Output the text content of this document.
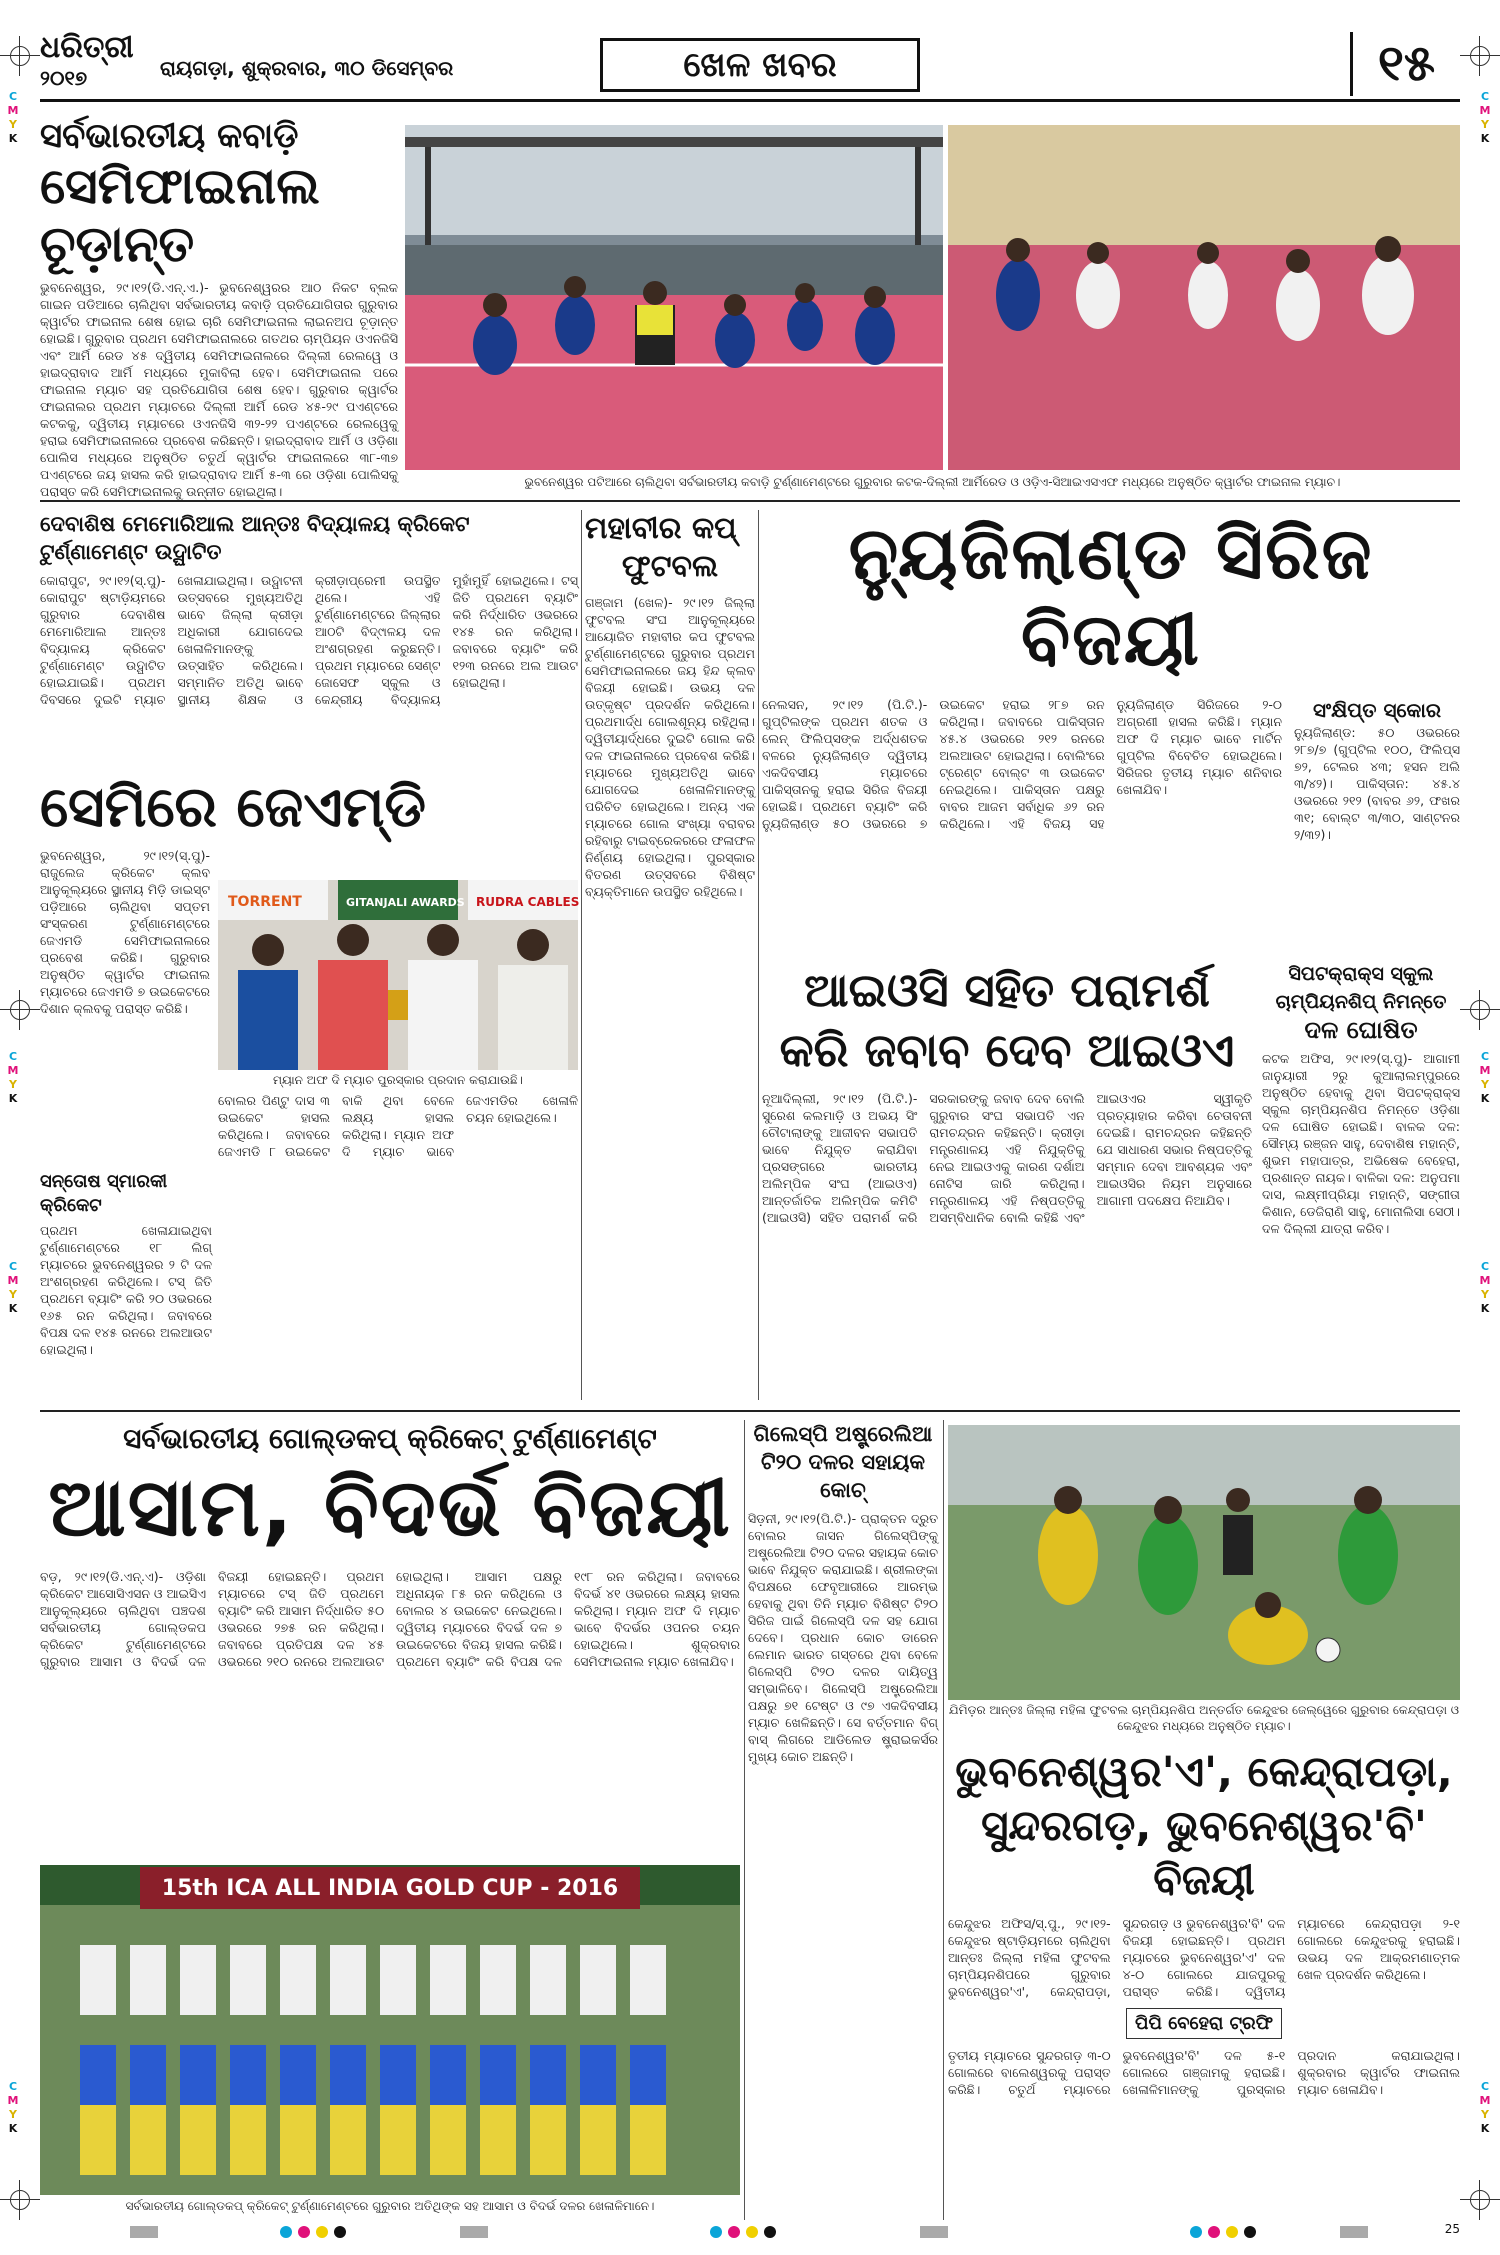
C
M
Y
K
C
M
Y
K
C
M
Y
K
C
M
Y
K
C
M
Y
K
C
M
Y
K
C
M
Y
K
C
M
Y
K
ଧରିତ୍ରୀ
୨୦୧୭	ରାୟଗଡ଼ା, ଶୁକ୍ରବାର, ୩୦ ଡିସେମ୍ବର	ଖେଳ ଖବର	୧୫
ସର୍ବଭାରତୀୟ କବାଡ଼ି
ସେମିଫାଇନାଲ ଚୂଡ଼ାନ୍ତ
ଭୁବନେଶ୍ୱର, ୨୯।୧୨(ଡି.ଏନ୍.ଏ.)- ଭୁବନେଶ୍ୱରର ଆଠ ନିକଟ ବ୍ଲକ ଗାଇନ ପଡିଆରେ ଚାଲିଥିବା ସର୍ବଭାରତୀୟ କବାଡ଼ି ପ୍ରତିଯୋଗିତାର ଗୁରୁବାର କ୍ୱାର୍ଟର ଫାଇନାଲ ଶେଷ ହୋଇ ଚାରି ସେମିଫାଇନାଲ ଲାଇନଅପ ଚୂଡ଼ାନ୍ତ ହୋଇଛି। ଗୁରୁବାର ପ୍ରଥମ ସେମିଫାଇନାଲରେ ଗତଥର ଚାମ୍ପିୟନ ଓଏନଜିସି ଏବଂ ଆର୍ମି ରେଡ ୪୫ ଦ୍ୱିତୀୟ ସେମିଫାଇନାଲରେ ଦିଲ୍ଲୀ ରେଲୱେ ଓ ହାଇଦ୍ରାବାଦ ଆର୍ମି ମଧ୍ୟରେ ମୁକାବିଲା ହେବ। ସେମିଫାଇନାଲ ପରେ ଫାଇନାଲ ମ୍ୟାଚ ସହ ପ୍ରତିଯୋଗିତା ଶେଷ ହେବ। ଗୁରୁବାର କ୍ୱାର୍ଟର ଫାଇନାଲର ପ୍ରଥମ ମ୍ୟାଚରେ ଦିଲ୍ଲୀ ଆର୍ମି ରେଡ ୪୫-୨୯ ପଏଣ୍ଟରେ କଟକକୁ, ଦ୍ୱିତୀୟ ମ୍ୟାଚରେ ଓଏନଜିସି ୩୨-୨୨ ପଏଣ୍ଟରେ ରେଲୱେକୁ ହରାଇ ସେମିଫାଇନାଲରେ ପ୍ରବେଶ କରିଛନ୍ତି। ହାଇଦ୍ରାବାଦ ଆର୍ମି ଓ ଓଡ଼ିଶା ପୋଲିସ ମଧ୍ୟରେ ଅନୁଷ୍ଠିତ ଚତୁର୍ଥ କ୍ୱାର୍ଟର ଫାଇନାଲରେ ୩୮-୩୭ ପଏଣ୍ଟରେ ଜୟ ହାସଲ କରି ହାଇଦ୍ରାବାଦ ଆର୍ମି ୫-୩ ରେ ଓଡ଼ିଶା ପୋଲିସକୁ ପରାସ୍ତ କରି ସେମିଫାଇନାଲକୁ ଉନ୍ନୀତ ହୋଇଥିଲା।
ଭୁବନେଶ୍ୱର ପଟିଆରେ ଚାଲିଥିବା ସର୍ବଭାରତୀୟ କବାଡ଼ି ଟୁର୍ଣ୍ଣାମେଣ୍ଟରେ ଗୁରୁବାର କଟକ-ଦିଲ୍ଲୀ ଆର୍ମିରେଡ ଓ ଓଡ଼ିଏ-ସିଆଇଏସଏଫ ମଧ୍ୟରେ ଅନୁଷ୍ଠିତ କ୍ୱାର୍ଟର ଫାଇନାଲ ମ୍ୟାଚ।
ଦେବାଶିଷ ମେମୋରିଆଲ ଆନ୍ତଃ ବିଦ୍ୟାଳୟ କ୍ରିକେଟ ଟୁର୍ଣ୍ଣାମେଣ୍ଟ ଉଦ୍ଘାଟିତ
କୋରାପୁଟ, ୨୯।୧୨(ସ୍.ପୁ)- କୋରାପୁଟ ଷ୍ଟାଡ଼ିୟମରେ ଗୁରୁବାର ଦେବାଶିଷ ମେମୋରିଆଲ ଆନ୍ତଃ ବିଦ୍ୟାଳୟ କ୍ରିକେଟ ଟୁର୍ଣ୍ଣାମେଣ୍ଟ ଉଦ୍ଘାଟିତ ହୋଇଯାଇଛି। ପ୍ରଥମ ଦିବସରେ ଦୁଇଟି ମ୍ୟାଚ ଖେଳାଯାଇଥିଲା। ଉଦ୍ଘାଟନୀ ଉତ୍ସବରେ ମୁଖ୍ୟଅତିଥି ଭାବେ ଜିଲ୍ଲା କ୍ରୀଡ଼ା ଅଧିକାରୀ ଯୋଗଦେଇ ଖେଳାଳିମାନଙ୍କୁ ଉତ୍ସାହିତ କରିଥିଲେ। ସମ୍ମାନିତ ଅତିଥି ଭାବେ ସ୍ଥାନୀୟ ଶିକ୍ଷକ ଓ କ୍ରୀଡ଼ାପ୍ରେମୀ ଉପସ୍ଥିତ ଥିଲେ। ଏହି ଟୁର୍ଣ୍ଣାମେଣ୍ଟରେ ଜିଲ୍ଲାର ଆଠଟି ବିଦ୍୯ାଳୟ ଦଳ ଅଂଶଗ୍ରହଣ କରୁଛନ୍ତି। ପ୍ରଥମ ମ୍ୟାଚରେ ସେଣ୍ଟ ଜୋସେଫ ସ୍କୁଲ ଓ କେନ୍ଦ୍ରୀୟ ବିଦ୍ୟାଳୟ ମୁହାଁମୁହିଁ ହୋଇଥିଲେ। ଟସ୍ ଜିତି ପ୍ରଥମେ ବ୍ୟାଟିଂ କରି ନିର୍ଦ୍ଧାରିତ ଓଭରରେ ୧୪୫ ରନ କରିଥିଲା। ଜବାବରେ ବ୍ୟାଟିଂ କରି ୧୨୩ ରନରେ ଅଲ ଆଉଟ ହୋଇଥିଲା।
ସେମିରେ ଜେଏମ୍‌ଡି
ଭୁବନେଶ୍ୱର, ୨୯।୧୨(ସ୍.ପୁ)- ରାଜୁଲେଜ କ୍ରିକେଟ କ୍ଲବ ଆନୁକୂଲ୍ୟରେ ସ୍ଥାନୀୟ ମିଡ଼ି ଡାଇସ୍ଟ ପଡ଼ିଆରେ ଚାଲିଥିବା ସପ୍ତମ ସଂସ୍କରଣ ଟୁର୍ଣ୍ଣାମେଣ୍ଟରେ ଜେଏମଡି ସେମିଫାଇନାଲରେ ପ୍ରବେଶ କରିଛି। ଗୁରୁବାର ଅନୁଷ୍ଠିତ କ୍ୱାର୍ଟର ଫାଇନାଲ ମ୍ୟାଚରେ ଜେଏମଡି ୭ ଉଇକେଟରେ ଦିଶାନ କ୍ଲବକୁ ପରାସ୍ତ କରିଛି।
TORRENT	GITANJALI AWARDS RUDRA CABLES
ମ୍ୟାନ ଅଫ ଦି ମ୍ୟାଚ ପୁରସ୍କାର ପ୍ରଦାନ କରାଯାଉଛି।
ବୋଲର ପିଣ୍ଟୁ ଦାସ ୩ ଉଇକେଟ ହାସଲ କରିଥିଲେ। ଜବାବରେ ଜେଏମଡି ୮ ଉଇକେଟ ବାକି ଥିବା ବେଳେ ଲକ୍ଷ୍ୟ ହାସଲ କରିଥିଲା। ମ୍ୟାନ ଅଫ ଦି ମ୍ୟାଚ ଭାବେ ଜେଏମଡିର ଖେଳାଳି ଚୟନ ହୋଇଥିଲେ।
ସନ୍ତୋଷ ସ୍ମାରକୀ କ୍ରିକେଟ
ପ୍ରଥମ ଖେଳାଯାଇଥିବା ଟୁର୍ଣ୍ଣାମେଣ୍ଟରେ ୧୮ ଲିଗ୍ ମ୍ୟାଚରେ ଭୁବନେଶ୍ୱରର ୨ ଟି ଦଳ ଅଂଶଗ୍ରହଣ କରିଥିଲେ। ଟସ୍ ଜିତି ପ୍ରଥମେ ବ୍ୟାଟିଂ କରି ୨୦ ଓଭରରେ ୧୬୫ ରନ କରିଥିଲା। ଜବାବରେ ବିପକ୍ଷ ଦଳ ୧୪୫ ରନରେ ଅଲଆଉଟ ହୋଇଥିଲା।
ମହାବୀର କପ୍
ଫୁଟବଲ
ଗଞ୍ଜାମ (ଖେଳ)- ୨୯।୧୨ ଜିଲ୍ଲା ଫୁଟବଲ ସଂଘ ଆନୁକୂଲ୍ୟରେ ଆୟୋଜିତ ମହାବୀର କପ ଫୁଟବଲ ଟୁର୍ଣ୍ଣାମେଣ୍ଟରେ ଗୁରୁବାର ପ୍ରଥମ ସେମିଫାଇନାଲରେ ଜୟ ହିନ୍ଦ କ୍ଲବ ବିଜୟୀ ହୋଇଛି। ଉଭୟ ଦଳ ଉତ୍କୃଷ୍ଟ ପ୍ରଦର୍ଶନ କରିଥିଲେ। ପ୍ରଥମାର୍ଦ୍ଧ ଗୋଲଶୂନ୍ୟ ରହିଥିଲା। ଦ୍ୱିତୀୟାର୍ଦ୍ଧରେ ଦୁଇଟି ଗୋଲ କରି ଦଳ ଫାଇନାଲରେ ପ୍ରବେଶ କରିଛି। ମ୍ୟାଚରେ ମୁଖ୍ୟଅତିଥି ଭାବେ ଯୋଗଦେଇ ଖେଳାଳିମାନଙ୍କୁ ପରିଚିତ ହୋଇଥିଲେ। ଅନ୍ୟ ଏକ ମ୍ୟାଚରେ ଗୋଲ ସଂଖ୍ୟା ବରାବର ରହିବାରୁ ଟାଇବ୍ରେକରରେ ଫଳାଫଳ ନିର୍ଣ୍ଣୟ ହୋଇଥିଲା। ପୁରସ୍କାର ବିତରଣ ଉତ୍ସବରେ ବିଶିଷ୍ଟ ବ୍ୟକ୍ତିମାନେ ଉପସ୍ଥିତ ରହିଥିଲେ।
ନ୍ୟୁଜିଲାଣ୍ଡ ସିରିଜ ବିଜୟୀ
ନେଲସନ, ୨୯।୧୨ (ପି.ଟି.)- ଗୁପ୍ଟିଲଙ୍କ ପ୍ରଥମ ଶତକ ଓ ଲେନ୍ ଫିଲିପ୍ସଙ୍କ ଅର୍ଦ୍ଧଶତକ ବଳରେ ନ୍ୟୁଜିଲାଣ୍ଡ ଦ୍ୱିତୀୟ ଏକଦିବସୀୟ ମ୍ୟାଚରେ ପାକିସ୍ତାନକୁ ହରାଇ ସିରିଜ ବିଜୟୀ ହୋଇଛି। ପ୍ରଥମେ ବ୍ୟାଟିଂ କରି ନ୍ୟୁଜିଲାଣ୍ଡ ୫୦ ଓଭରରେ ୭ ଉଇକେଟ ହରାଇ ୨୮୭ ରନ କରିଥିଲା। ଜବାବରେ ପାକିସ୍ତାନ ୪୫.୪ ଓଭରରେ ୨୧୨ ରନରେ ଅଲଆଉଟ ହୋଇଥିଲା। ବୋଲିଂରେ ଟ୍ରେଣ୍ଟ ବୋଲ୍ଟ ୩ ଉଇକେଟ ନେଇଥିଲେ। ପାକିସ୍ତାନ ପକ୍ଷରୁ ବାବର ଆଜମ ସର୍ବାଧିକ ୬୨ ରନ କରିଥିଲେ। ଏହି ବିଜୟ ସହ ନ୍ୟୁଜିଲାଣ୍ଡ ସିରିଜରେ ୨-୦ ଅଗ୍ରଣୀ ହାସଲ କରିଛି। ମ୍ୟାନ ଅଫ ଦି ମ୍ୟାଚ ଭାବେ ମାର୍ଟିନ ଗୁପ୍ଟିଲ ବିବେଚିତ ହୋଇଥିଲେ। ସିରିଜର ତୃତୀୟ ମ୍ୟାଚ ଶନିବାର ଖେଳାଯିବ।
ସଂକ୍ଷିପ୍ତ ସ୍କୋର
ନ୍ୟୁଜିଲାଣ୍ଡ: ୫୦ ଓଭରରେ ୨୮୭/୭ (ଗୁପ୍ଟିଲ ୧୦୦, ଫିଲିପ୍ସ ୭୨, ଟେଲର ୪୩; ହସନ ଅଲି ୩/୪୨)। ପାକିସ୍ତାନ: ୪୫.୪ ଓଭରରେ ୨୧୨ (ବାବର ୬୨, ଫଖର ୩୧; ବୋଲ୍ଟ ୩/୩୦, ସାଣ୍ଟନର ୨/୩୨)।
ଆଇଓସି ସହିତ ପରାମର୍ଶ କରି ଜବାବ ଦେବ ଆଇଓଏ
ନୂଆଦିଲ୍ଲୀ, ୨୯।୧୨ (ପି.ଟି.)- ସୁରେଶ କଲମାଡ଼ି ଓ ଅଭୟ ସିଂ ଚୌଟାଲାଙ୍କୁ ଆଜୀବନ ସଭାପତି ଭାବେ ନିଯୁକ୍ତ କରାଯିବା ପ୍ରସଙ୍ଗରେ ଭାରତୀୟ ଅଲିମ୍ପିକ ସଂଘ (ଆଇଓଏ) ଆନ୍ତର୍ଜାତିକ ଅଲିମ୍ପିକ କମିଟି (ଆଇଓସି) ସହିତ ପରାମର୍ଶ କରି ସରକାରଙ୍କୁ ଜବାବ ଦେବ ବୋଲି ଗୁରୁବାର ସଂଘ ସଭାପତି ଏନ ରାମଚନ୍ଦ୍ରନ କହିଛନ୍ତି। କ୍ରୀଡ଼ା ମନ୍ତ୍ରଣାଳୟ ଏହି ନିଯୁକ୍ତିକୁ ନେଇ ଆଇଓଏକୁ କାରଣ ଦର୍ଶାଅ ନୋଟିସ ଜାରି କରିଥିଲା। ମନ୍ତ୍ରଣାଳୟ ଏହି ନିଷ୍ପତ୍ତିକୁ ଅସମ୍ବିଧାନିକ ବୋଲି କହିଛି ଏବଂ ଆଇଓଏର ସ୍ୱୀକୃତି ପ୍ରତ୍ୟାହାର କରିବା ଚେତାବନୀ ଦେଇଛି। ରାମଚନ୍ଦ୍ରନ କହିଛନ୍ତି ଯେ ସାଧାରଣ ସଭାର ନିଷ୍ପତ୍ତିକୁ ସମ୍ମାନ ଦେବା ଆବଶ୍ୟକ ଏବଂ ଆଇଓସିର ନିୟମ ଅନୁସାରେ ଆଗାମୀ ପଦକ୍ଷେପ ନିଆଯିବ।
ସିପଟକ୍ରାକ୍ସ ସ୍କୁଲ
ଚାମ୍ପିୟନଶିପ୍ ନିମନ୍ତେ
ଦଳ ଘୋଷିତ
କଟକ ଅଫିସ, ୨୯।୧୨(ସ୍.ପୁ)- ଆଗାମୀ ଜାନୁୟାରୀ ୨ରୁ କୁଆଲାଲମ୍ପୁରରେ ଅନୁଷ୍ଠିତ ହେବାକୁ ଥିବା ସିପଟକ୍ରାକ୍ସ ସ୍କୁଲ ଚାମ୍ପିୟନଶିପ ନିମନ୍ତେ ଓଡ଼ିଶା ଦଳ ଘୋଷିତ ହୋଇଛି। ବାଳକ ଦଳ: ସୌମ୍ୟ ରଞ୍ଜନ ସାହୁ, ଦେବାଶିଷ ମହାନ୍ତି, ଶୁଭମ ମହାପାତ୍ର, ଅଭିଷେକ ବେହେରା, ପ୍ରଶାନ୍ତ ନାୟକ। ବାଳିକା ଦଳ: ଅନୁପମା ଦାସ, ଲକ୍ଷ୍ମୀପ୍ରିୟା ମହାନ୍ତି, ସଙ୍ଗୀତା କିଶାନ, ଡେଜିରାଣି ସାହୁ, ମୋନାଲିସା ସେଠୀ। ଦଳ ଦିଲ୍ଲୀ ଯାତ୍ରା କରିବ।
ସର୍ବଭାରତୀୟ ଗୋଲ୍ଡକପ୍ କ୍ରିକେଟ୍ ଟୁର୍ଣ୍ଣାମେଣ୍ଟ
ଆସାମ, ବିଦର୍ଭ ବିଜୟୀ
ବଡ଼, ୨୯।୧୨(ଡି.ଏନ୍.ଏ)- ଓଡ଼ିଶା କ୍ରିକେଟ ଆସୋସିଏସନ ଓ ଆଇସିଏ ଆନୁକୂଲ୍ୟରେ ଚାଲିଥିବା ପଞ୍ଚଦଶ ସର୍ବଭାରତୀୟ ଗୋଲ୍ଡକପ କ୍ରିକେଟ ଟୁର୍ଣ୍ଣାମେଣ୍ଟରେ ଗୁରୁବାର ଆସାମ ଓ ବିଦର୍ଭ ଦଳ ବିଜୟୀ ହୋଇଛନ୍ତି। ପ୍ରଥମ ମ୍ୟାଚରେ ଟସ୍ ଜିତି ପ୍ରଥମେ ବ୍ୟାଟିଂ କରି ଆସାମ ନିର୍ଦ୍ଧାରିତ ୫୦ ଓଭରରେ ୨୭୫ ରନ କରିଥିଲା। ଜବାବରେ ପ୍ରତିପକ୍ଷ ଦଳ ୪୫ ଓଭରରେ ୨୧୦ ରନରେ ଅଲଆଉଟ ହୋଇଥିଲା। ଆସାମ ପକ୍ଷରୁ ଅଧିନାୟକ ୮୫ ରନ କରିଥିଲେ ଓ ବୋଲର ୪ ଉଇକେଟ ନେଇଥିଲେ। ଦ୍ୱିତୀୟ ମ୍ୟାଚରେ ବିଦର୍ଭ ଦଳ ୭ ଉଇକେଟରେ ବିଜୟ ହାସଲ କରିଛି। ପ୍ରଥମେ ବ୍ୟାଟିଂ କରି ବିପକ୍ଷ ଦଳ ୧୯୮ ରନ କରିଥିଲା। ଜବାବରେ ବିଦର୍ଭ ୪୧ ଓଭରରେ ଲକ୍ଷ୍ୟ ହାସଲ କରିଥିଲା। ମ୍ୟାନ ଅଫ ଦି ମ୍ୟାଚ ଭାବେ ବିଦର୍ଭର ଓପନର ଚୟନ ହୋଇଥିଲେ। ଶୁକ୍ରବାର ସେମିଫାଇନାଲ ମ୍ୟାଚ ଖେଳାଯିବ।
15th ICA ALL INDIA GOLD CUP - 2016
ସର୍ବଭାରତୀୟ ଗୋଲ୍ଡକପ୍ କ୍ରିକେଟ୍ ଟୁର୍ଣ୍ଣାମେଣ୍ଟରେ ଗୁରୁବାର ଅତିଥିଙ୍କ ସହ ଆସାମ ଓ ବିଦର୍ଭ ଦଳର ଖେଳାଳିମାନେ।
ଗିଲେସ୍ପି ଅଷ୍ଟ୍ରେଲିଆ ଟି୨୦ ଦଳର ସହାୟକ କୋଚ୍
ସିଡ଼ନୀ, ୨୯।୧୨(ପି.ଟି.)- ପ୍ରାକ୍ତନ ଦ୍ରୁତ ବୋଲର ଜାସନ ଗିଲେସ୍ପିଙ୍କୁ ଅଷ୍ଟ୍ରେଲିଆ ଟି୨୦ ଦଳର ସହାୟକ କୋଚ ଭାବେ ନିଯୁକ୍ତ କରାଯାଇଛି। ଶ୍ରୀଲଙ୍କା ବିପକ୍ଷରେ ଫେବୃଆରୀରେ ଆରମ୍ଭ ହେବାକୁ ଥିବା ତିନି ମ୍ୟାଚ ବିଶିଷ୍ଟ ଟି୨୦ ସିରିଜ ପାଇଁ ଗିଲେସ୍ପି ଦଳ ସହ ଯୋଗ ଦେବେ। ପ୍ରଧାନ କୋଚ ଡାରେନ ଲେମାନ ଭାରତ ଗସ୍ତରେ ଥିବା ବେଳେ ଗିଲେସ୍ପି ଟି୨୦ ଦଳର ଦାୟିତ୍ୱ ସମ୍ଭାଳିବେ। ଗିଲେସ୍ପି ଅଷ୍ଟ୍ରେଲିଆ ପକ୍ଷରୁ ୭୧ ଟେଷ୍ଟ ଓ ୯୭ ଏକଦିବସୀୟ ମ୍ୟାଚ ଖେଳିଛନ୍ତି। ସେ ବର୍ତ୍ତମାନ ବିଗ୍ ବାସ୍ ଲିଗରେ ଆଡିଲେଡ ଷ୍ଟ୍ରାଇକର୍ସର ମୁଖ୍ୟ କୋଚ ଅଛନ୍ତି।
ଯିମିଡ଼ର ଆନ୍ତଃ ଜିଲ୍ଲା ମହିଳା ଫୁଟବଲ ଚାମ୍ପିୟନଶିପ ଅନ୍ତର୍ଗତ କେନ୍ଦୁଝର ଜେଲ୍ୱେରେ ଗୁରୁବାର କେନ୍ଦ୍ରାପଡ଼ା ଓ କେନ୍ଦୁଝର ମଧ୍ୟରେ ଅନୁଷ୍ଠିତ ମ୍ୟାଚ।
ଭୁବନେଶ୍ୱର'ଏ', କେନ୍ଦ୍ରାପଡ଼ା, ସୁନ୍ଦରଗଡ଼, ଭୁବନେଶ୍ୱର'ବି' ବିଜୟୀ
କେନ୍ଦୁଝର ଅଫିସ/ସ୍.ପୁ., ୨୯।୧୨- କେନ୍ଦୁଝର ଷ୍ଟାଡ଼ିୟମରେ ଚାଲିଥିବା ଆନ୍ତଃ ଜିଲ୍ଲା ମହିଳା ଫୁଟବଲ ଚାମ୍ପିୟନଶିପରେ ଗୁରୁବାର ଭୁବନେଶ୍ୱର'ଏ', କେନ୍ଦ୍ରାପଡ଼ା, ସୁନ୍ଦରଗଡ଼ ଓ ଭୁବନେଶ୍ୱର'ବି' ଦଳ ବିଜୟୀ ହୋଇଛନ୍ତି। ପ୍ରଥମ ମ୍ୟାଚରେ ଭୁବନେଶ୍ୱର'ଏ' ଦଳ ୪-୦ ଗୋଲରେ ଯାଜପୁରକୁ ପରାସ୍ତ କରିଛି। ଦ୍ୱିତୀୟ ମ୍ୟାଚରେ କେନ୍ଦ୍ରାପଡ଼ା ୨-୧ ଗୋଲରେ କେନ୍ଦୁଝରକୁ ହରାଇଛି। ଉଭୟ ଦଳ ଆକ୍ରମଣାତ୍ମକ ଖେଳ ପ୍ରଦର୍ଶନ କରିଥିଲେ।
ପିପି ବେହେରା ଟ୍ରଫି
ତୃତୀୟ ମ୍ୟାଚରେ ସୁନ୍ଦରଗଡ଼ ୩-୦ ଗୋଲରେ ବାଲେଶ୍ୱରକୁ ପରାସ୍ତ କରିଛି। ଚତୁର୍ଥ ମ୍ୟାଚରେ ଭୁବନେଶ୍ୱର'ବି' ଦଳ ୫-୧ ଗୋଲରେ ଗଞ୍ଜାମକୁ ହରାଇଛି। ଖେଳାଳିମାନଙ୍କୁ ପୁରସ୍କାର ପ୍ରଦାନ କରାଯାଇଥିଲା। ଶୁକ୍ରବାର କ୍ୱାର୍ଟର ଫାଇନାଲ ମ୍ୟାଚ ଖେଳାଯିବ।
25
